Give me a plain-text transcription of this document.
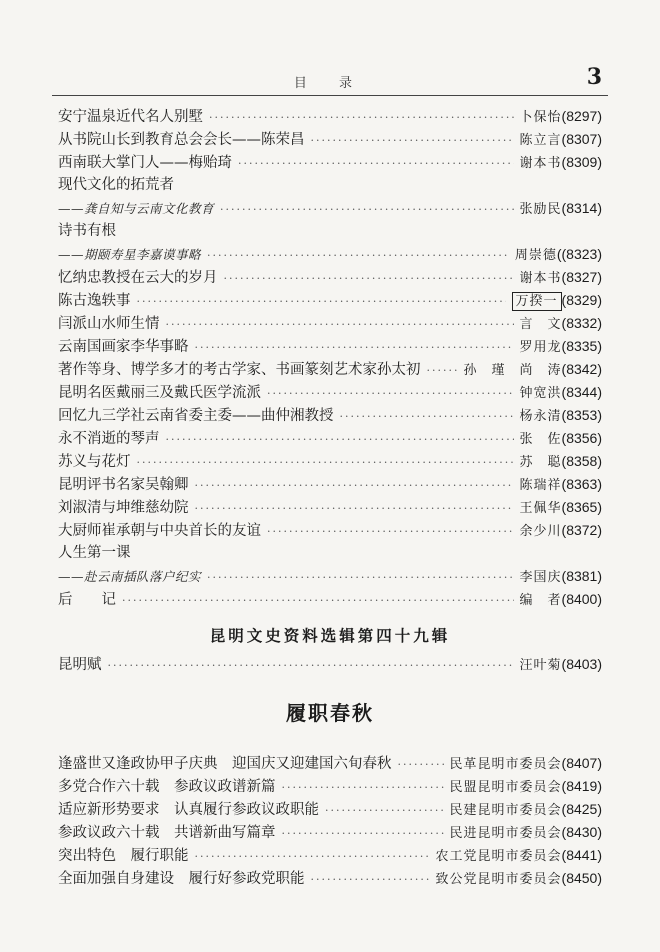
目 录	3
安宁温泉近代名人别墅 ·····	卜保怡 (8297)
从书院山长到教育总会会长——陈荣昌 ·····	陈立言 (8307)
西南联大掌门人——梅贻琦 ·····	谢本书 (8309)
现代文化的拓荒者
——龚自知与云南文化教育 ·····	张励民 (8314)
诗书有根
——期颐寿星李嘉谟事略 ·····	周崇德 ((8323)
忆纳忠教授在云大的岁月 ·····	谢本书 (8327)
陈古逸轶事 ·····	万揆一 (8329)
闫派山水师生情 ·····	言　文 (8332)
云南国画家李华事略 ·····	罗用龙 (8335)
著作等身、博学多才的考古学家、书画篆刻艺术家孙太初 ·····	孙　瑾　尚　涛 (8342)
昆明名医戴丽三及戴氏医学流派 ·····	钟宽洪 (8344)
回忆九三学社云南省委主委——曲仲湘教授 ·····	杨永清 (8353)
永不消逝的琴声 ·····	张　佐 (8356)
苏义与花灯 ·····	苏　聪 (8358)
昆明评书名家吴翰卿 ·····	陈瑞祥 (8363)
刘淑清与坤维慈幼院 ·····	王佩华 (8365)
大厨师崔承朝与中央首长的友谊 ·····	余少川 (8372)
人生第一课
——赴云南插队落户纪实 ·····	李国庆 (8381)
后　　记 ·····	编　者 (8400)
昆明文史资料选辑第四十九辑
昆明赋 ·····	汪叶菊 (8403)
履职春秋
逢盛世又逢政协甲子庆典　迎国庆又迎建国六旬春秋 ·····	民革昆明市委员会 (8407)
多党合作六十载　参政议政谱新篇 ·····	民盟昆明市委员会 (8419)
适应新形势要求　认真履行参政议政职能 ·····	民建昆明市委员会 (8425)
参政议政六十载　共谱新曲写篇章 ·····	民进昆明市委员会 (8430)
突出特色　履行职能 ·····	农工党昆明市委员会 (8441)
全面加强自身建设　履行好参政党职能 ·····	致公党昆明市委员会 (8450)
